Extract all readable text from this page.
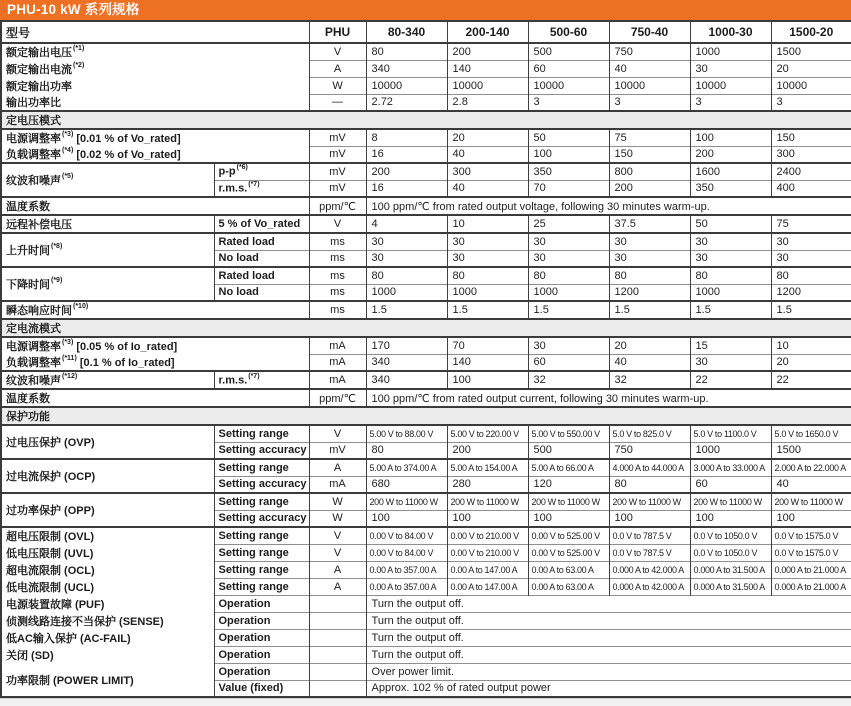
PHU-10 kW 系列规格
型号		PHU	80-340	200-140	500-60	750-40	1000-30	1500-20
额定输出电压$^{(*1)}$		V	80	200	500	750	1000	1500
额定输出电流$^{(*2)}$		A	340	140	60	40	30	20
额定输出功率		W	10000	10000	10000	10000	10000	10000
输出功率比		—	2.72	2.8	3	3	3	3
定电压模式								
电源调整率$^{(*3)}$ [0.01 % of Vo_rated]		mV	8	20	50	75	100	150
负载调整率$^{(*4)}$ [0.02 % of Vo_rated]		mV	16	40	100	150	200	300
纹波和噪声$^{(*5)}$	p-p$^{(*6)}$	mV	200	300	350	800	1600	2400
	r.m.s.$^{(*7)}$	mV	16	40	70	200	350	400
温度系数		ppm/℃	100 ppm/℃ from rated output voltage, following 30 minutes warm-up.					
远程补偿电压	5 % of Vo_rated	V	4	10	25	37.5	50	75
上升时间$^{(*8)}$	Rated load	ms	30	30	30	30	30	30
	No load	ms	30	30	30	30	30	30
下降时间$^{(*9)}$	Rated load	ms	80	80	80	80	80	80
	No load	ms	1000	1000	1000	1200	1000	1200
瞬态响应时间$^{(*10)}$		ms	1.5	1.5	1.5	1.5	1.5	1.5
定电流模式								
电源调整率$^{(*3)}$ [0.05 % of Io_rated]		mA	170	70	30	20	15	10
负载调整率$^{(*11)}$ [0.1 % of Io_rated]		mA	340	140	60	40	30	20
纹波和噪声$^{(*12)}$	r.m.s.$^{(*7)}$	mA	340	100	32	32	22	22
温度系数		ppm/℃	100 ppm/℃ from rated output current, following 30 minutes warm-up.					
保护功能								
过电压保护 (OVP)	Setting range	V	5.00 V to 88.00 V	5.00 V to 220.00 V	5.00 V to 550.00 V	5.0 V to 825.0 V	5.0 V to 1100.0 V	5.0 V to 1650.0 V
	Setting accuracy	mV	80	200	500	750	1000	1500
过电流保护 (OCP)	Setting range	A	5.00 A to 374.00 A	5.00 A to 154.00 A	5.00 A to 66.00 A	4.000 A to 44.000 A	3.000 A to 33.000 A	2.000 A to 22.000 A
	Setting accuracy	mA	680	280	120	80	60	40
过功率保护 (OPP)	Setting range	W	200 W to 11000 W	200 W to 11000 W	200 W to 11000 W	200 W to 11000 W	200 W to 11000 W	200 W to 11000 W
	Setting accuracy	W	100	100	100	100	100	100
超电压限制 (OVL)	Setting range	V	0.00 V to 84.00 V	0.00 V to 210.00 V	0.00 V to 525.00 V	0.0 V to 787.5 V	0.0 V to 1050.0 V	0.0 V to 1575.0 V
低电压限制 (UVL)	Setting range	V	0.00 V to 84.00 V	0.00 V to 210.00 V	0.00 V to 525.00 V	0.0 V to 787.5 V	0.0 V to 1050.0 V	0.0 V to 1575.0 V
超电流限制 (OCL)	Setting range	A	0.00 A to 357.00 A	0.00 A to 147.00 A	0.00 A to 63.00 A	0.000 A to 42.000 A	0.000 A to 31.500 A	0.000 A to 21.000 A
低电流限制 (UCL)	Setting range	A	0.00 A to 357.00 A	0.00 A to 147.00 A	0.00 A to 63.00 A	0.000 A to 42.000 A	0.000 A to 31.500 A	0.000 A to 21.000 A
电源装置故障 (PUF)	Operation		Turn the output off.					
侦测线路连接不当保护 (SENSE)	Operation		Turn the output off.					
低AC输入保护 (AC-FAIL)	Operation		Turn the output off.					
关闭 (SD)	Operation		Turn the output off.					
功率限制 (POWER LIMIT)	Operation		Over power limit.					
	Value (fixed)		Approx. 102 % of rated output power					
